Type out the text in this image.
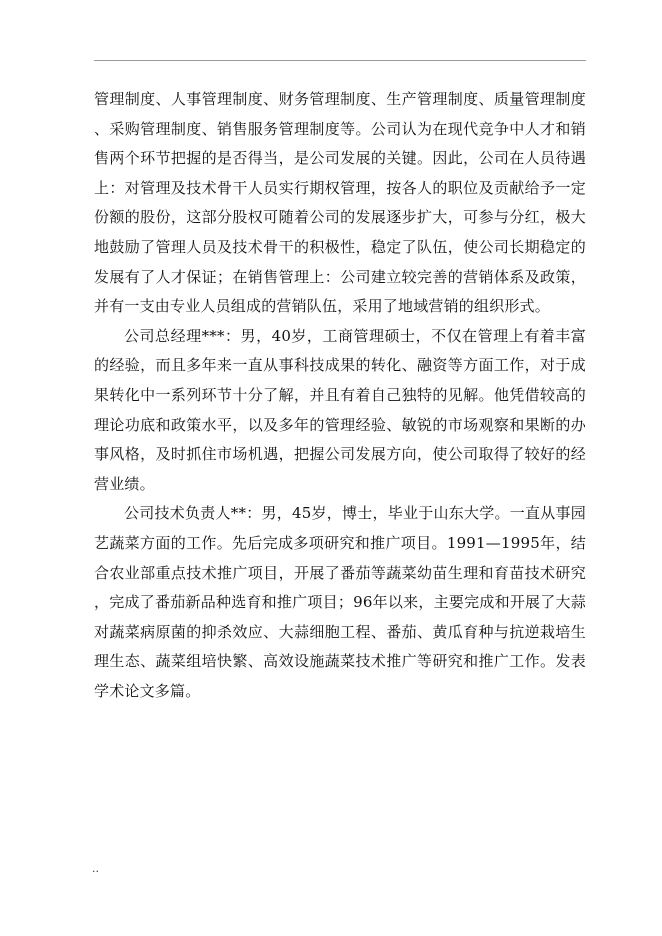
管理制度、人事管理制度、财务管理制度、生产管理制度、质量管理制度、采购管理制度、销售服务管理制度等。公司认为在现代竞争中人才和销售两个环节把握的是否得当，是公司发展的关键。因此，公司在人员待遇上：对管理及技术骨干人员实行期权管理，按各人的职位及贡献给予一定份额的股份，这部分股权可随着公司的发展逐步扩大，可参与分红，极大地鼓励了管理人员及技术骨干的积极性，稳定了队伍，使公司长期稳定的发展有了人才保证；在销售管理上：公司建立较完善的营销体系及政策，并有一支由专业人员组成的营销队伍，采用了地域营销的组织形式。

公司总经理***：男，40岁，工商管理硕士，不仅在管理上有着丰富的经验，而且多年来一直从事科技成果的转化、融资等方面工作，对于成果转化中一系列环节十分了解，并且有着自己独特的见解。他凭借较高的理论功底和政策水平，以及多年的管理经验、敏锐的市场观察和果断的办事风格，及时抓住市场机遇，把握公司发展方向，使公司取得了较好的经营业绩。

公司技术负责人**：男，45岁，博士，毕业于山东大学。一直从事园艺蔬菜方面的工作。先后完成多项研究和推广项目。1991—1995年，结合农业部重点技术推广项目，开展了番茄等蔬菜幼苗生理和育苗技术研究，完成了番茄新品种选育和推广项目；96年以来，主要完成和开展了大蒜对蔬菜病原菌的抑杀效应、大蒜细胞工程、番茄、黄瓜育种与抗逆栽培生理生态、蔬菜组培快繁、高效设施蔬菜技术推广等研究和推广工作。发表学术论文多篇。

..
